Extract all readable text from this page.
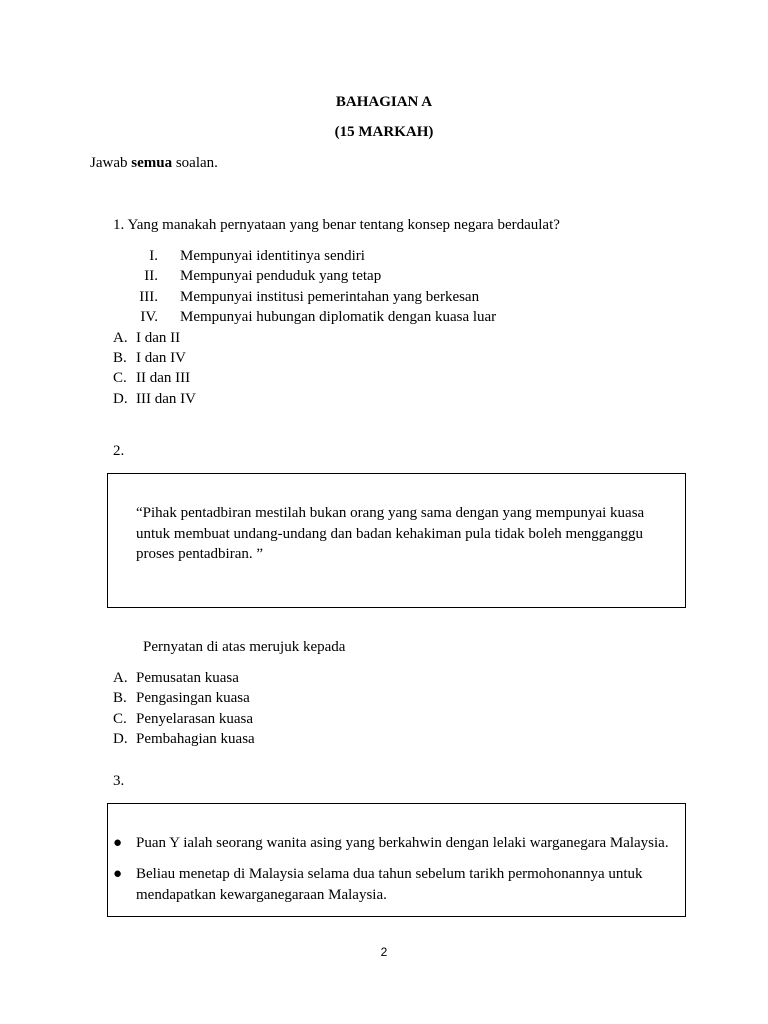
BAHAGIAN A
(15 MARKAH)
Jawab semua soalan.
1. Yang manakah pernyataan yang benar tentang konsep negara berdaulat?
I. Mempunyai identitinya sendiri
II. Mempunyai penduduk yang tetap
III. Mempunyai institusi pemerintahan yang berkesan
IV. Mempunyai hubungan diplomatik dengan kuasa luar
A. I dan II
B. I dan IV
C. II dan III
D. III dan IV
2.
“Pihak pentadbiran mestilah bukan orang yang sama dengan yang mempunyai kuasa
untuk membuat undang-undang dan badan kehakiman pula tidak boleh mengganggu
proses pentadbiran. ”
Pernyatan di atas merujuk kepada
A. Pemusatan kuasa
B. Pengasingan kuasa
C. Penyelarasan kuasa
D. Pembahagian kuasa
3.
● Puan Y ialah seorang wanita asing yang berkahwin dengan lelaki warganegara Malaysia.
● Beliau menetap di Malaysia selama dua tahun sebelum tarikh permohonannya untuk
mendapatkan kewarganegaraan Malaysia.
2
